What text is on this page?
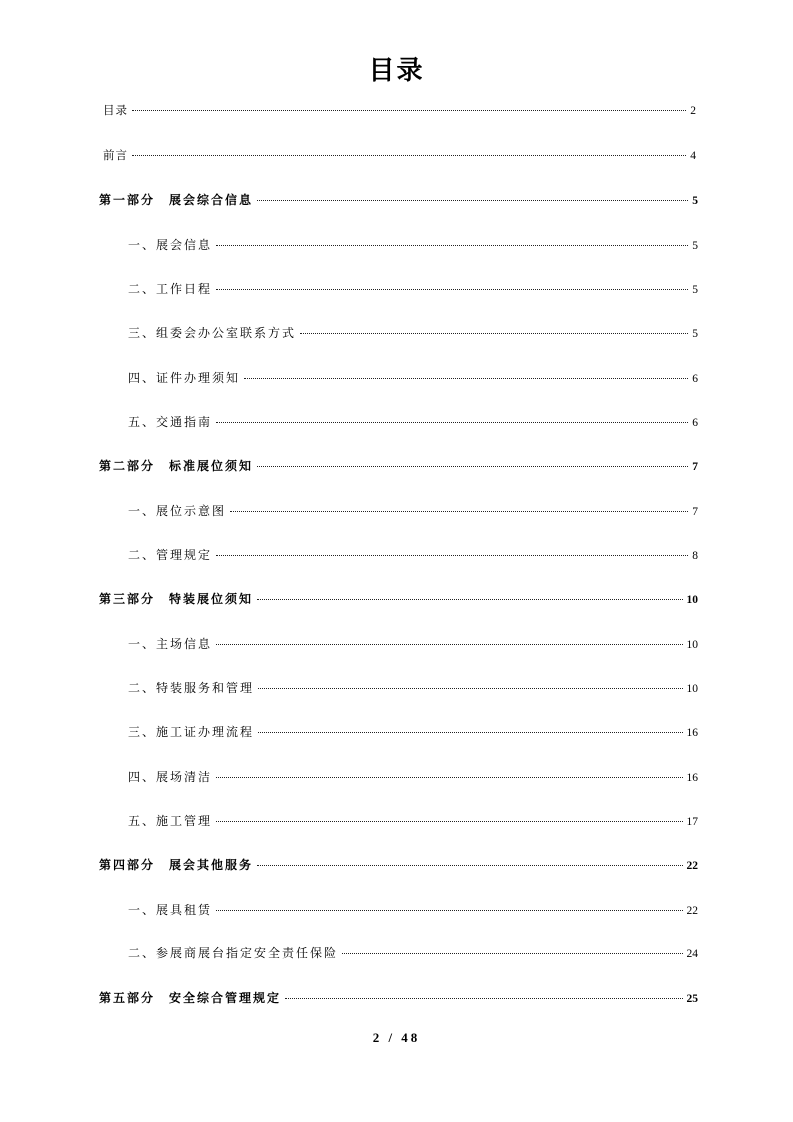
目录
目录	2
前言	4
第一部分　展会综合信息	5
一、展会信息	5
二、工作日程	5
三、组委会办公室联系方式	5
四、证件办理须知	6
五、交通指南	6
第二部分　标准展位须知	7
一、展位示意图	7
二、管理规定	8
第三部分　特装展位须知	10
一、主场信息	10
二、特装服务和管理	10
三、施工证办理流程	16
四、展场清洁	16
五、施工管理	17
第四部分　展会其他服务	22
一、展具租赁	22
二、参展商展台指定安全责任保险	24
第五部分　安全综合管理规定	25
2 / 48
